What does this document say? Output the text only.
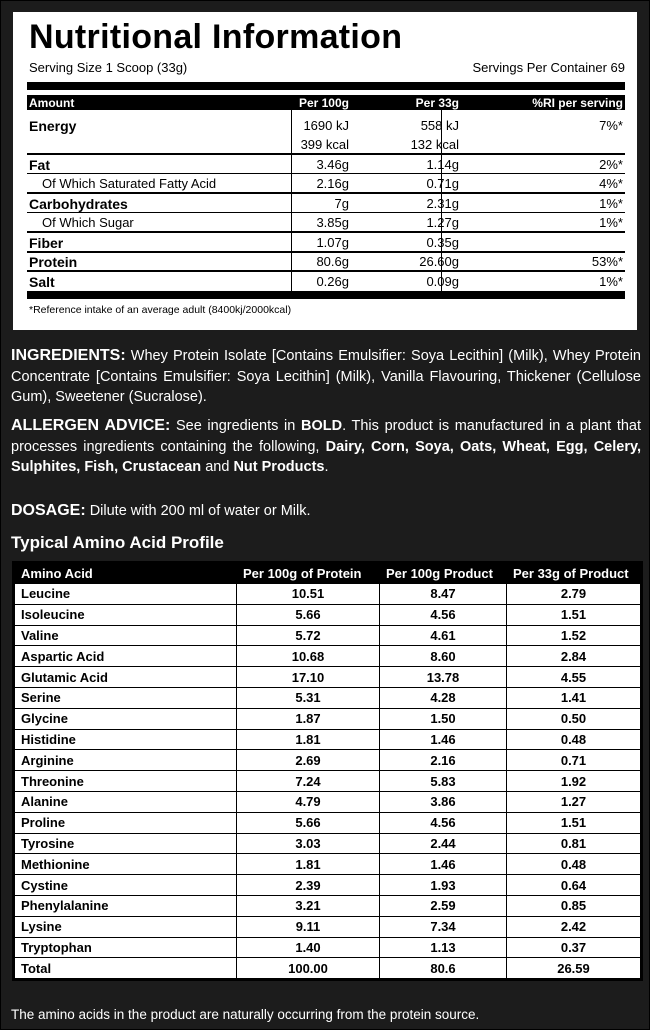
Nutritional Information
Serving Size 1 Scoop (33g)	Servings Per Container 69
Amount	Per 100g	Per 33g	%RI per serving
Energy	1690 kJ	558 kJ	7%*
399 kcal	132 kcal
Fat	3.46g	1.14g	2%*
Of Which Saturated Fatty Acid	2.16g	0.71g	4%*
Carbohydrates	7g	2.31g	1%*
Of Which Sugar	3.85g	1.27g	1%*
Fiber	1.07g	0.35g
Protein	80.6g	26.60g	53%*
Salt	0.26g	0.09g	1%*
*Reference intake of an average adult (8400kj/2000kcal)
INGREDIENTS: Whey Protein Isolate [Contains Emulsifier: Soya Lecithin] (Milk), Whey Protein Concentrate [Contains Emulsifier: Soya Lecithin] (Milk), Vanilla Flavouring, Thickener (Cellulose Gum), Sweetener (Sucralose).
ALLERGEN ADVICE: See ingredients in BOLD. This product is manufactured in a plant that processes ingredients containing the following, Dairy, Corn, Soya, Oats, Wheat, Egg, Celery, Sulphites, Fish, Crustacean and Nut Products.
DOSAGE: Dilute with 200 ml of water or Milk.
Typical Amino Acid Profile
Amino Acid	Per 100g of Protein	Per 100g Product	Per 33g of Product
Leucine	10.51	8.47	2.79
Isoleucine	5.66	4.56	1.51
Valine	5.72	4.61	1.52
Aspartic Acid	10.68	8.60	2.84
Glutamic Acid	17.10	13.78	4.55
Serine	5.31	4.28	1.41
Glycine	1.87	1.50	0.50
Histidine	1.81	1.46	0.48
Arginine	2.69	2.16	0.71
Threonine	7.24	5.83	1.92
Alanine	4.79	3.86	1.27
Proline	5.66	4.56	1.51
Tyrosine	3.03	2.44	0.81
Methionine	1.81	1.46	0.48
Cystine	2.39	1.93	0.64
Phenylalanine	3.21	2.59	0.85
Lysine	9.11	7.34	2.42
Tryptophan	1.40	1.13	0.37
Total	100.00	80.6	26.59
The amino acids in the product are naturally occurring from the protein source.
